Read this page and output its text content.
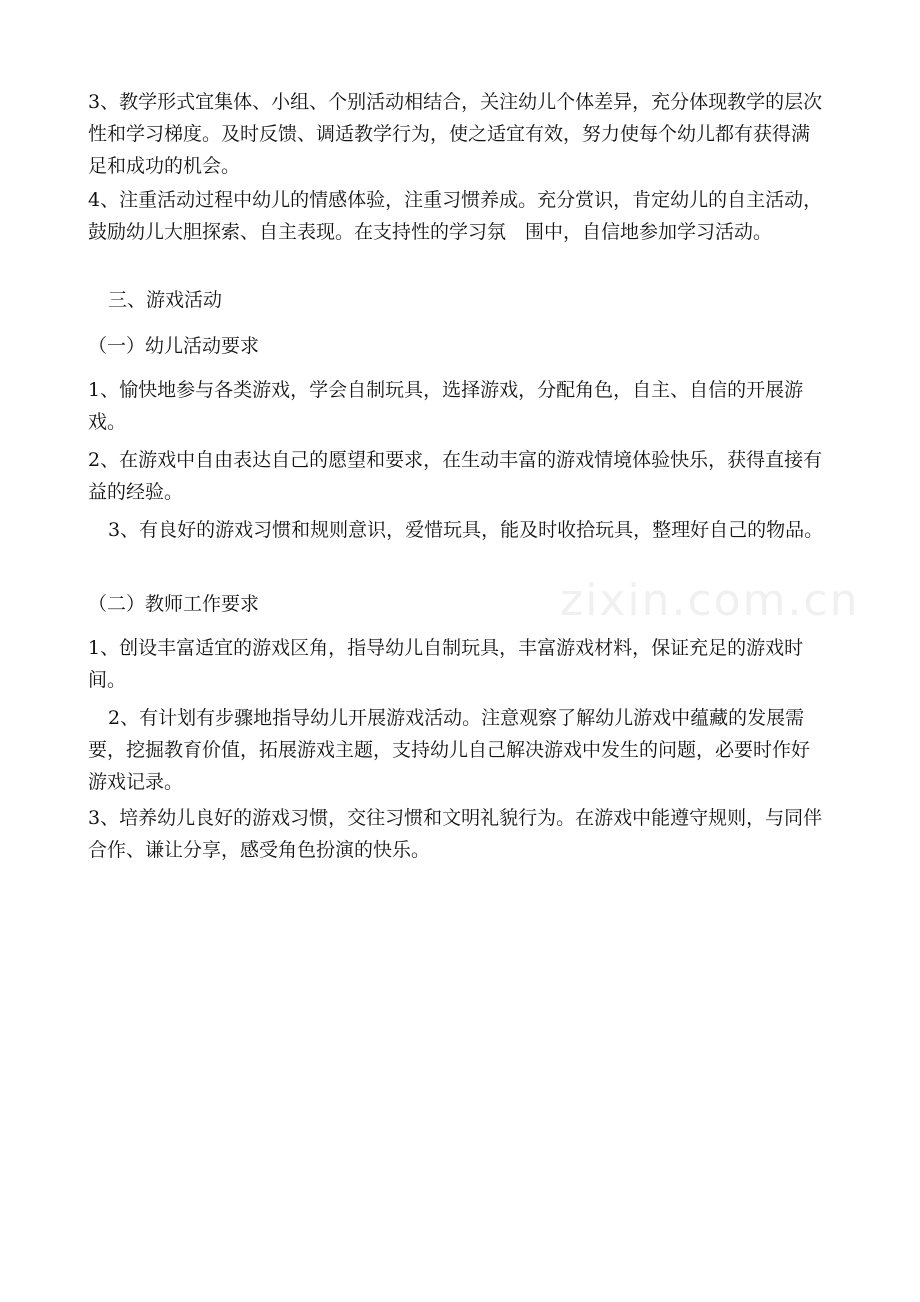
3、教学形式宜集体、小组、个别活动相结合，关注幼儿个体差异，充分体现教学的层次性和学习梯度。及时反馈、调适教学行为，使之适宜有效，努力使每个幼儿都有获得满足和成功的机会。

4、注重活动过程中幼儿的情感体验，注重习惯养成。充分赏识，肯定幼儿的自主活动，鼓励幼儿大胆探索、自主表现。在支持性的学习氛　围中，自信地参加学习活动。

三、游戏活动

（一）幼儿活动要求

1、愉快地参与各类游戏，学会自制玩具，选择游戏，分配角色，自主、自信的开展游戏。

2、在游戏中自由表达自己的愿望和要求，在生动丰富的游戏情境体验快乐，获得直接有益的经验。

3、有良好的游戏习惯和规则意识，爱惜玩具，能及时收拾玩具，整理好自己的物品。

（二）教师工作要求

1、创设丰富适宜的游戏区角，指导幼儿自制玩具，丰富游戏材料，保证充足的游戏时间。

2、有计划有步骤地指导幼儿开展游戏活动。注意观察了解幼儿游戏中蕴藏的发展需要，挖掘教育价值，拓展游戏主题，支持幼儿自己解决游戏中发生的问题，必要时作好游戏记录。

3、培养幼儿良好的游戏习惯，交往习惯和文明礼貌行为。在游戏中能遵守规则，与同伴合作、谦让分享，感受角色扮演的快乐。

zixin.com.cn
